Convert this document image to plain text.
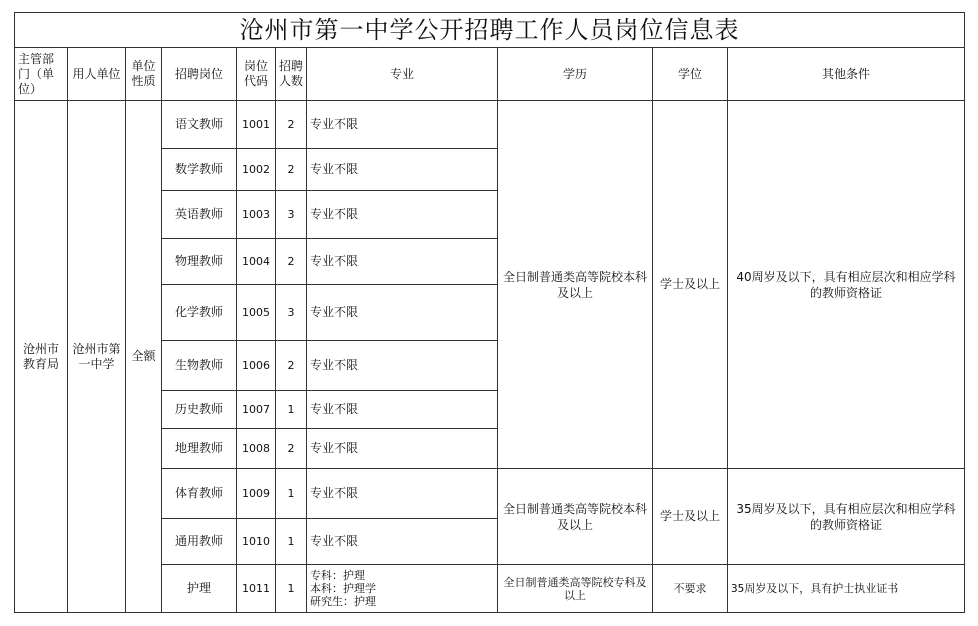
沧州市第一中学公开招聘工作人员岗位信息表									
主管部门（单位）	用人单位	单位性质	招聘岗位	岗位代码	招聘人数	专业	学历	学位	其他条件
沧州市教育局	沧州市第一中学	全额	语文教师	1001	2	专业不限	全日制普通类高等院校本科及以上	学士及以上	40周岁及以下，具有相应层次和相应学科的教师资格证
			数学教师	1002	2	专业不限			
			英语教师	1003	3	专业不限			
			物理教师	1004	2	专业不限			
			化学教师	1005	3	专业不限			
			生物教师	1006	2	专业不限			
			历史教师	1007	1	专业不限			
			地理教师	1008	2	专业不限			
			体育教师	1009	1	专业不限	全日制普通类高等院校本科及以上	学士及以上	35周岁及以下，具有相应层次和相应学科的教师资格证
			通用教师	1010	1	专业不限			
			护理	1011	1	专科：护理
本科：护理学
研究生：护理	全日制普通类高等院校专科及以上	不要求	35周岁及以下，具有护士执业证书
